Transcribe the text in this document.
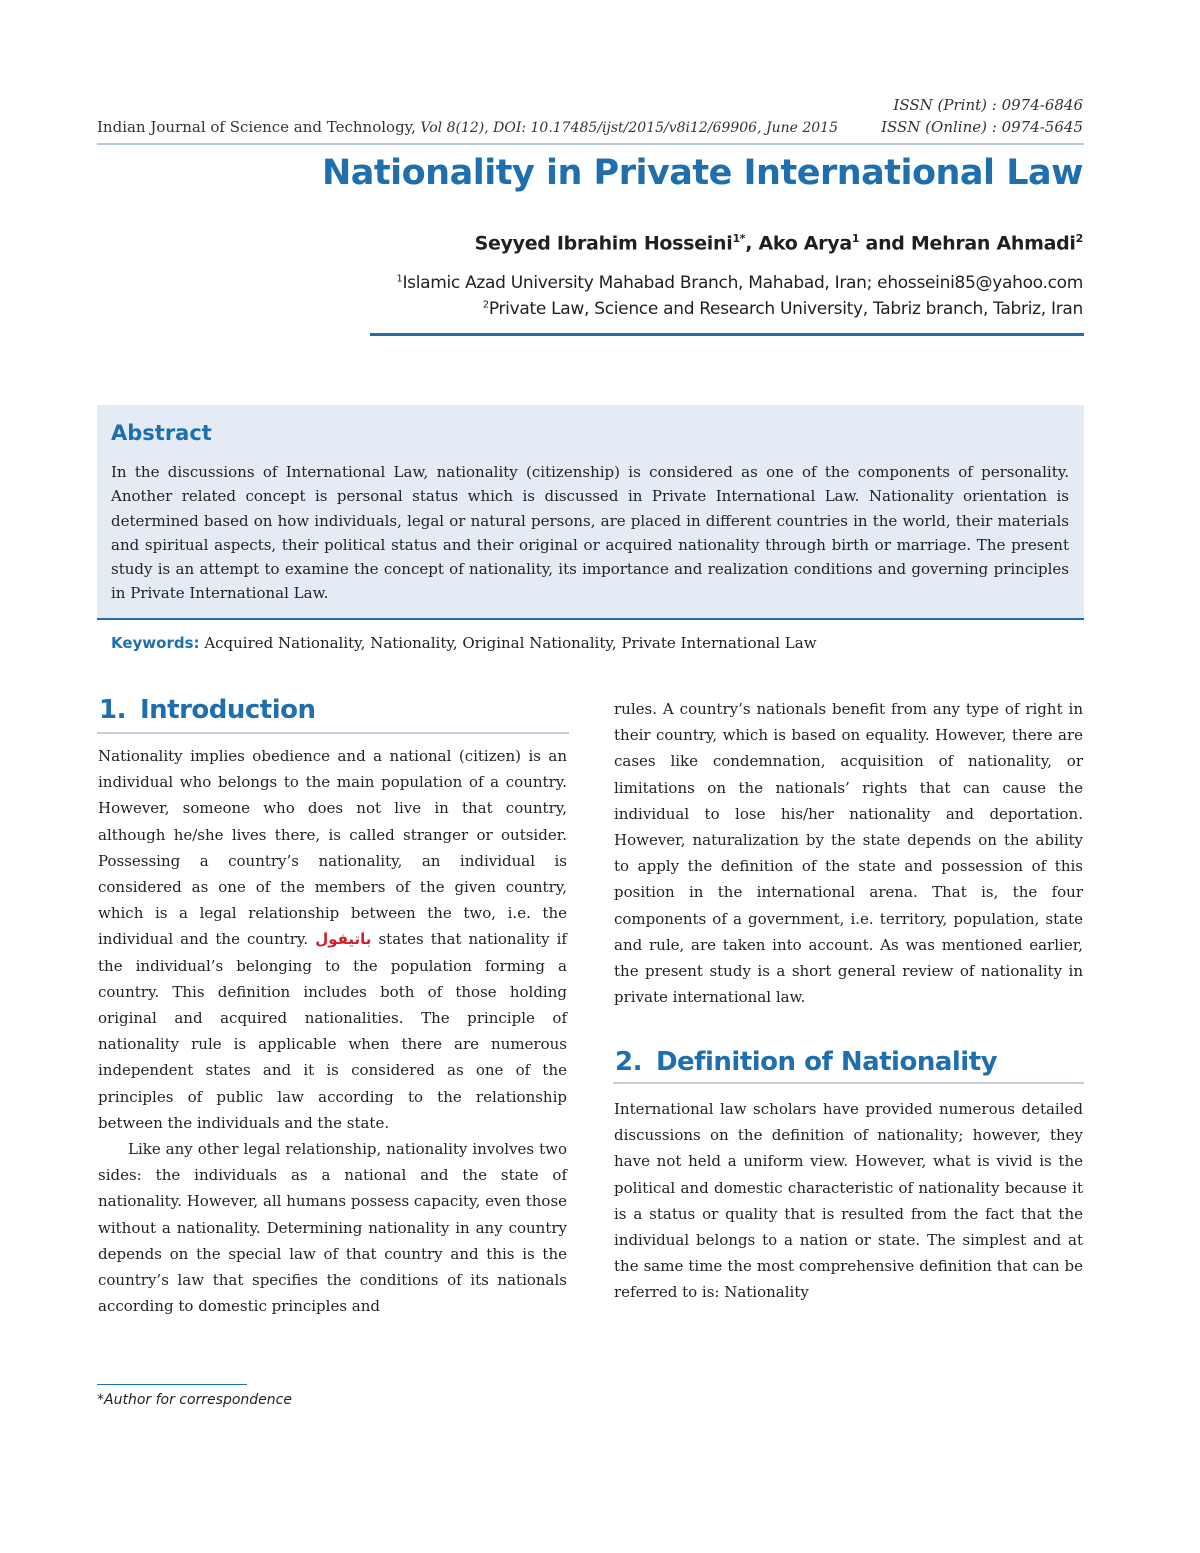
ISSN (Print) : 0974-6846
ISSN (Online) : 0974-5645
Indian Journal of Science and Technology, Vol 8(12), DOI: 10.17485/ijst/2015/v8i12/69906, June 2015
Nationality in Private International Law
Seyyed Ibrahim Hosseini$^{1*}$, Ako Arya$^1$ and Mehran Ahmadi$^2$
$^1$Islamic Azad University Mahabad Branch, Mahabad, Iran; ehosseini85@yahoo.com
$^2$Private Law, Science and Research University, Tabriz branch, Tabriz, Iran
Abstract
In the discussions of International Law, nationality (citizenship) is considered as one of the components of personality. Another related concept is personal status which is discussed in Private International Law. Nationality orientation is determined based on how individuals, legal or natural persons, are placed in different countries in the world, their materials and spiritual aspects, their political status and their original or acquired nationality through birth or marriage. The present study is an attempt to examine the concept of nationality, its importance and realization conditions and governing principles in Private International Law.
Keywords: Acquired Nationality, Nationality, Original Nationality, Private International Law
1. Introduction

Nationality implies obedience and a national (citizen) is an individual who belongs to the main population of a country. However, someone who does not live in that country, although he/she lives there, is called stranger or outsider. Possessing a country’s nationality, an individual is considered as one of the members of the given country, which is a legal relationship between the two, i.e. the individual and the country. باتیفول states that nationality if the individual’s belonging to the population forming a country. This definition includes both of those holding original and acquired nationalities. The principle of nationality rule is applicable when there are numerous independent states and it is considered as one of the principles of public law according to the relationship between the individuals and the state.

Like any other legal relationship, nationality involves two sides: the individuals as a national and the state of nationality. However, all humans possess capacity, even those without a nationality. Determining nationality in any country depends on the special law of that country and this is the country’s law that specifies the conditions of its nationals according to domestic principles and

rules. A country’s nationals benefit from any type of right in their country, which is based on equality. However, there are cases like condemnation, acquisition of nationality, or limitations on the nationals’ rights that can cause the individual to lose his/her nationality and deportation. However, naturalization by the state depends on the ability to apply the definition of the state and possession of this position in the international arena. That is, the four components of a government, i.e. territory, population, state and rule, are taken into account. As was mentioned earlier, the present study is a short general review of nationality in private international law.

2. Definition of Nationality

International law scholars have provided numerous detailed discussions on the definition of nationality; however, they have not held a uniform view. However, what is vivid is the political and domestic characteristic of nationality because it is a status or quality that is resulted from the fact that the individual belongs to a nation or state. The simplest and at the same time the most comprehensive definition that can be referred to is: Nationality

*Author for correspondence
